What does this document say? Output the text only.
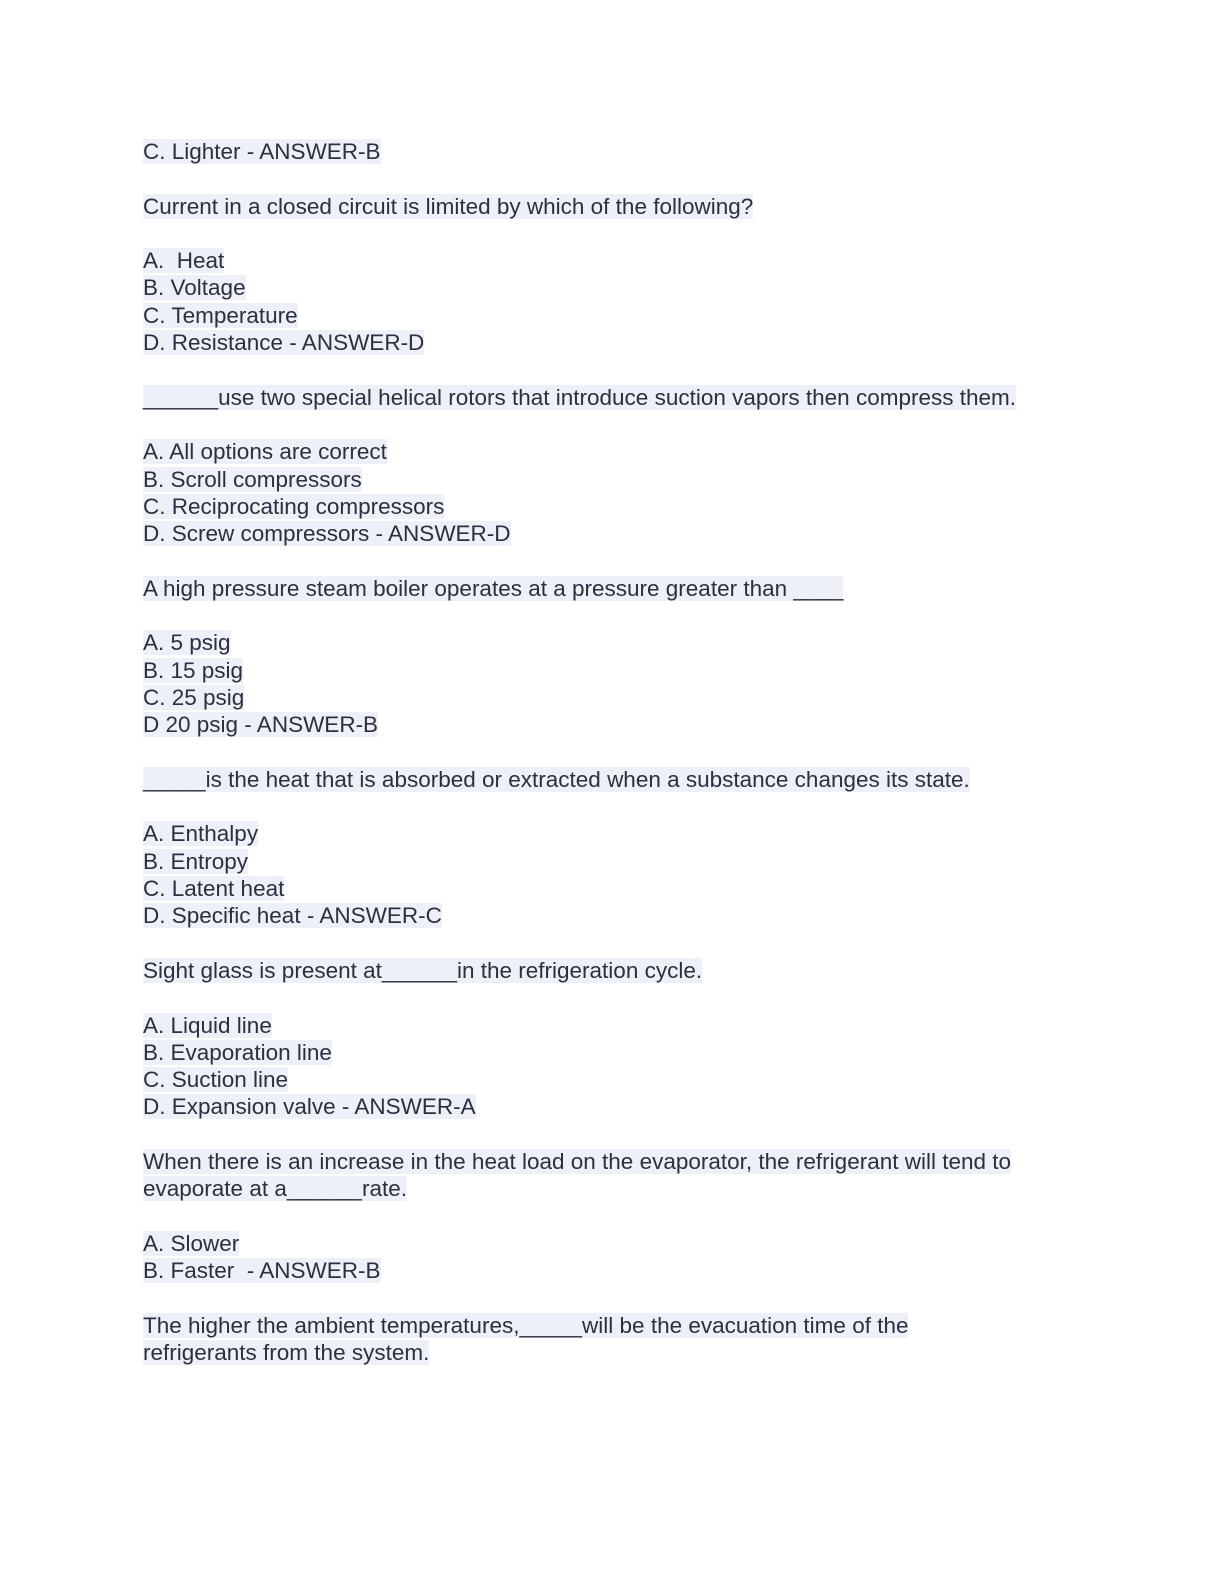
C. Lighter - ANSWER-B
Current in a closed circuit is limited by which of the following?
A.  Heat
B. Voltage
C. Temperature
D. Resistance - ANSWER-D
______use two special helical rotors that introduce suction vapors then compress them.
A. All options are correct
B. Scroll compressors
C. Reciprocating compressors
D. Screw compressors - ANSWER-D
A high pressure steam boiler operates at a pressure greater than ____
A. 5 psig
B. 15 psig
C. 25 psig
D 20 psig - ANSWER-B
_____is the heat that is absorbed or extracted when a substance changes its state.
A. Enthalpy
B. Entropy
C. Latent heat
D. Specific heat - ANSWER-C
Sight glass is present at______in the refrigeration cycle.
A. Liquid line
B. Evaporation line
C. Suction line
D. Expansion valve - ANSWER-A
When there is an increase in the heat load on the evaporator, the refrigerant will tend to
evaporate at a______rate.
A. Slower
B. Faster  - ANSWER-B
The higher the ambient temperatures,_____will be the evacuation time of the
refrigerants from the system.
